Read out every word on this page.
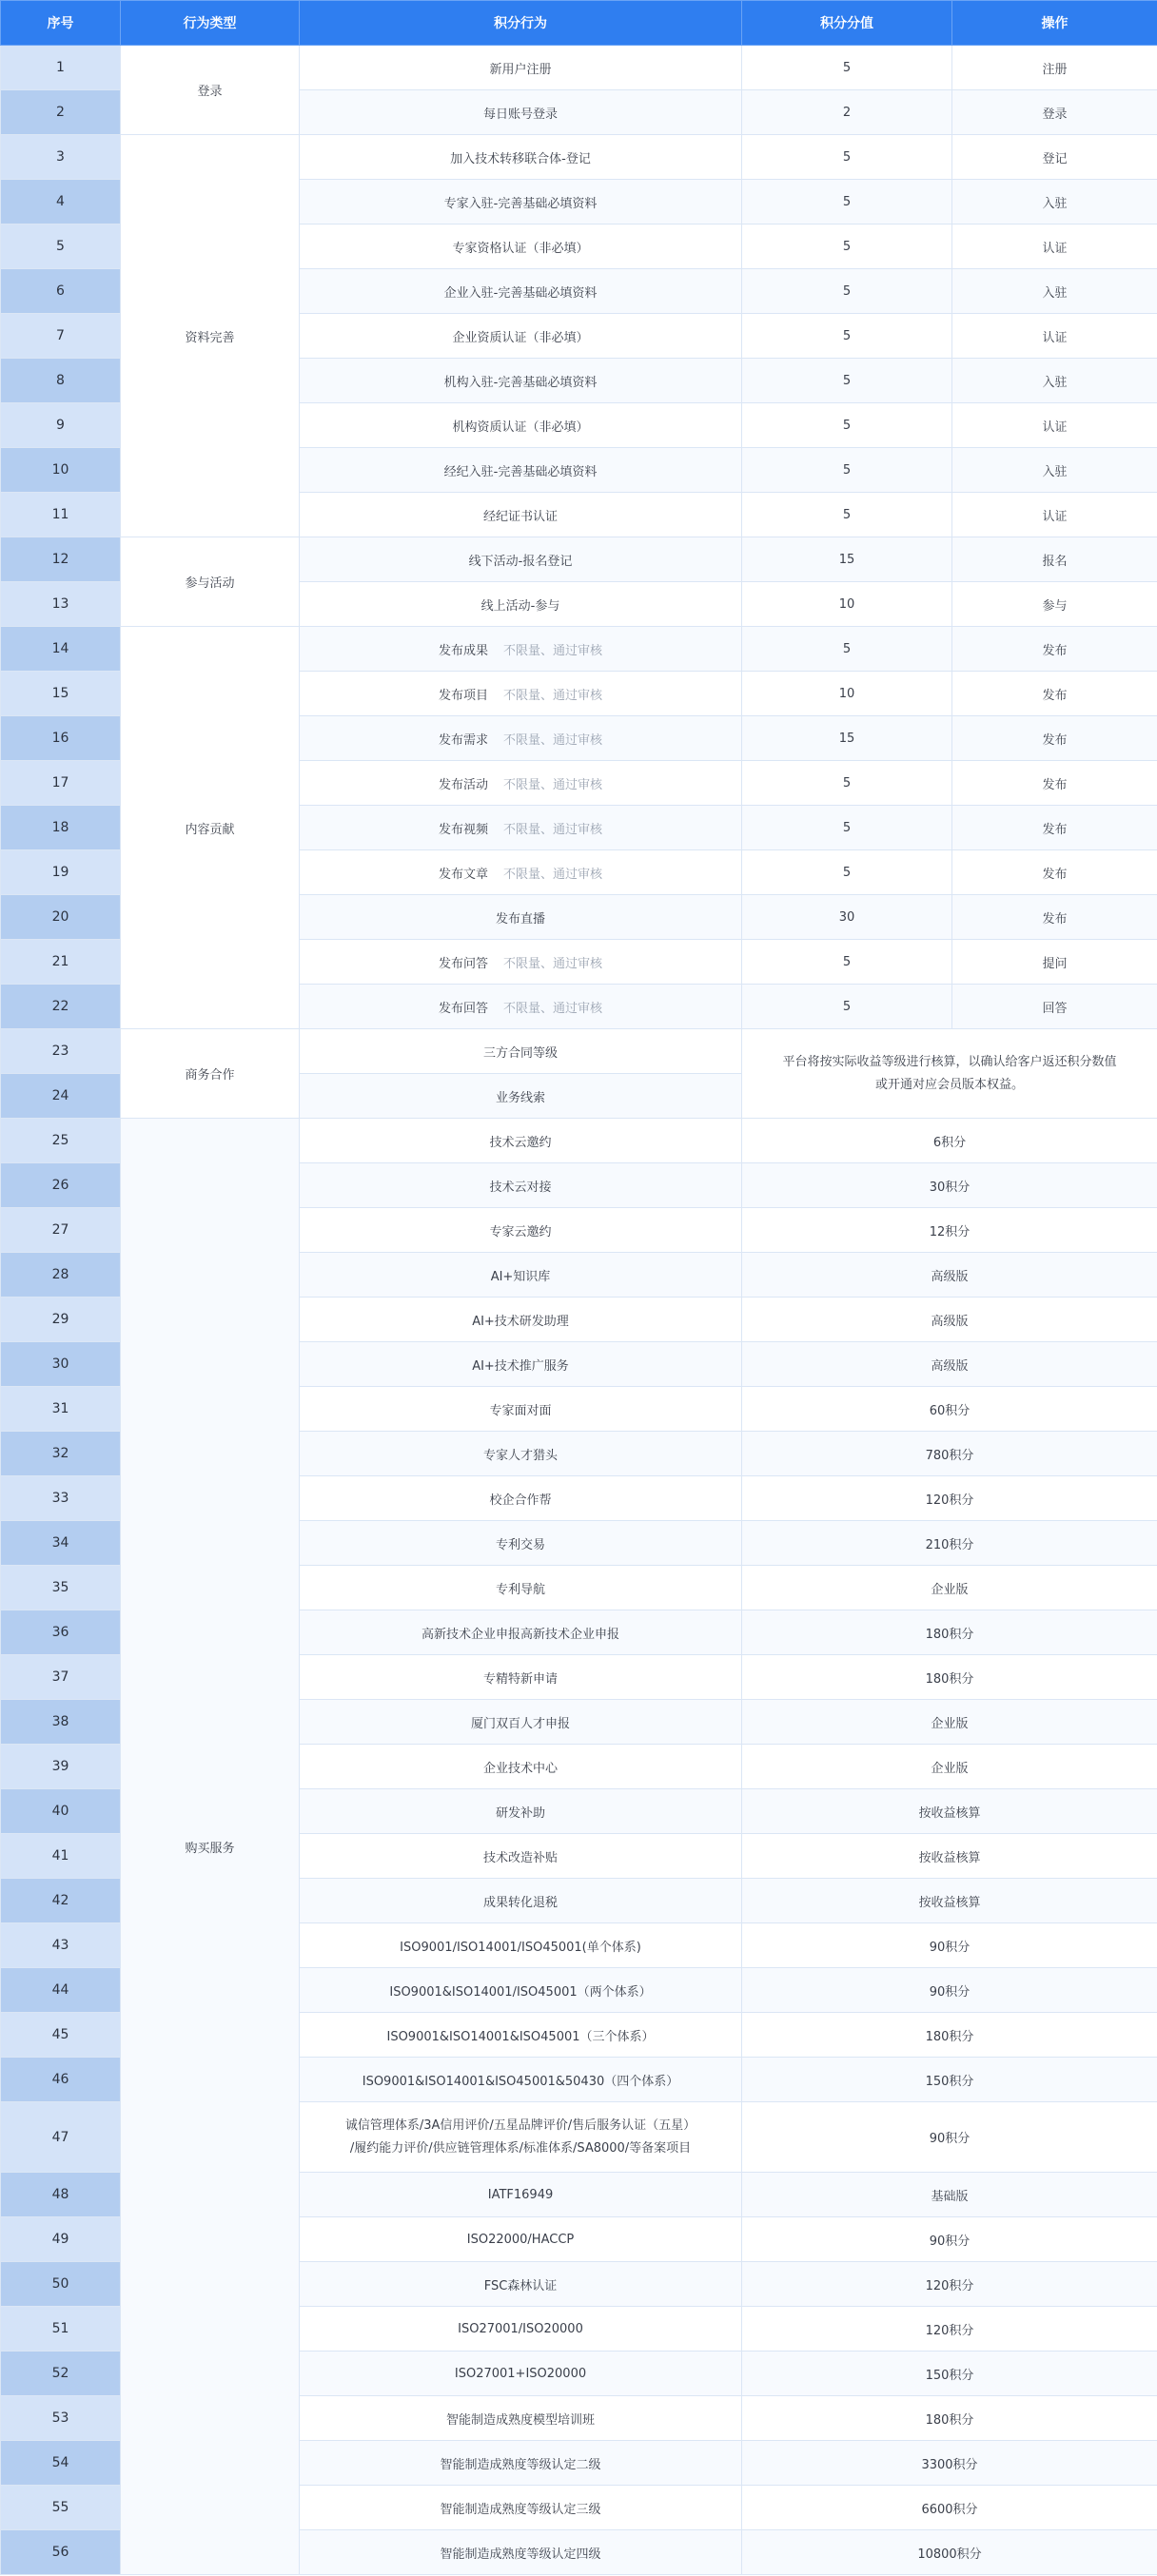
序号	行为类型	积分行为	积分分值	操作
1	登录	新用户注册	5	注册
2		每日账号登录	2	登录
3	资料完善	加入技术转移联合体-登记	5	登记
4		专家入驻-完善基础必填资料	5	入驻
5		专家资格认证（非必填）	5	认证
6		企业入驻-完善基础必填资料	5	入驻
7		企业资质认证（非必填）	5	认证
8		机构入驻-完善基础必填资料	5	入驻
9		机构资质认证（非必填）	5	认证
10		经纪入驻-完善基础必填资料	5	入驻
11		经纪证书认证	5	认证
12	参与活动	线下活动-报名登记	15	报名
13		线上活动-参与	10	参与
14	内容贡献	发布成果 不限量、通过审核	5	发布
15		发布项目 不限量、通过审核	10	发布
16		发布需求 不限量、通过审核	15	发布
17		发布活动 不限量、通过审核	5	发布
18		发布视频 不限量、通过审核	5	发布
19		发布文章 不限量、通过审核	5	发布
20		发布直播	30	发布
21		发布问答 不限量、通过审核	5	提问
22		发布回答 不限量、通过审核	5	回答
23	商务合作	三方合同等级	平台将按实际收益等级进行核算，以确认给客户返还积分数值或开通对应会员版本权益。	
24		业务线索		
25	购买服务	技术云邀约	6积分	
26		技术云对接	30积分	
27		专家云邀约	12积分	
28		AI+知识库	高级版	
29		AI+技术研发助理	高级版	
30		AI+技术推广服务	高级版	
31		专家面对面	60积分	
32		专家人才猎头	780积分	
33		校企合作帮	120积分	
34		专利交易	210积分	
35		专利导航	企业版	
36		高新技术企业申报高新技术企业申报	180积分	
37		专精特新申请	180积分	
38		厦门双百人才申报	企业版	
39		企业技术中心	企业版	
40		研发补助	按收益核算	
41		技术改造补贴	按收益核算	
42		成果转化退税	按收益核算	
43		ISO9001/ISO14001/ISO45001(单个体系)	90积分	
44		ISO9001&ISO14001/ISO45001（两个体系）	90积分	
45		ISO9001&ISO14001&ISO45001（三个体系）	180积分	
46		ISO9001&ISO14001&ISO45001&50430（四个体系）	150积分	
47		诚信管理体系/3A信用评价/五星品牌评价/售后服务认证（五星）
/履约能力评价/供应链管理体系/标准体系/SA8000/等备案项目	90积分	
48		IATF16949	基础版	
49		ISO22000/HACCP	90积分	
50		FSC森林认证	120积分	
51		ISO27001/ISO20000	120积分	
52		ISO27001+ISO20000	150积分	
53		智能制造成熟度模型培训班	180积分	
54		智能制造成熟度等级认定二级	3300积分	
55		智能制造成熟度等级认定三级	6600积分	
56		智能制造成熟度等级认定四级	10800积分	
